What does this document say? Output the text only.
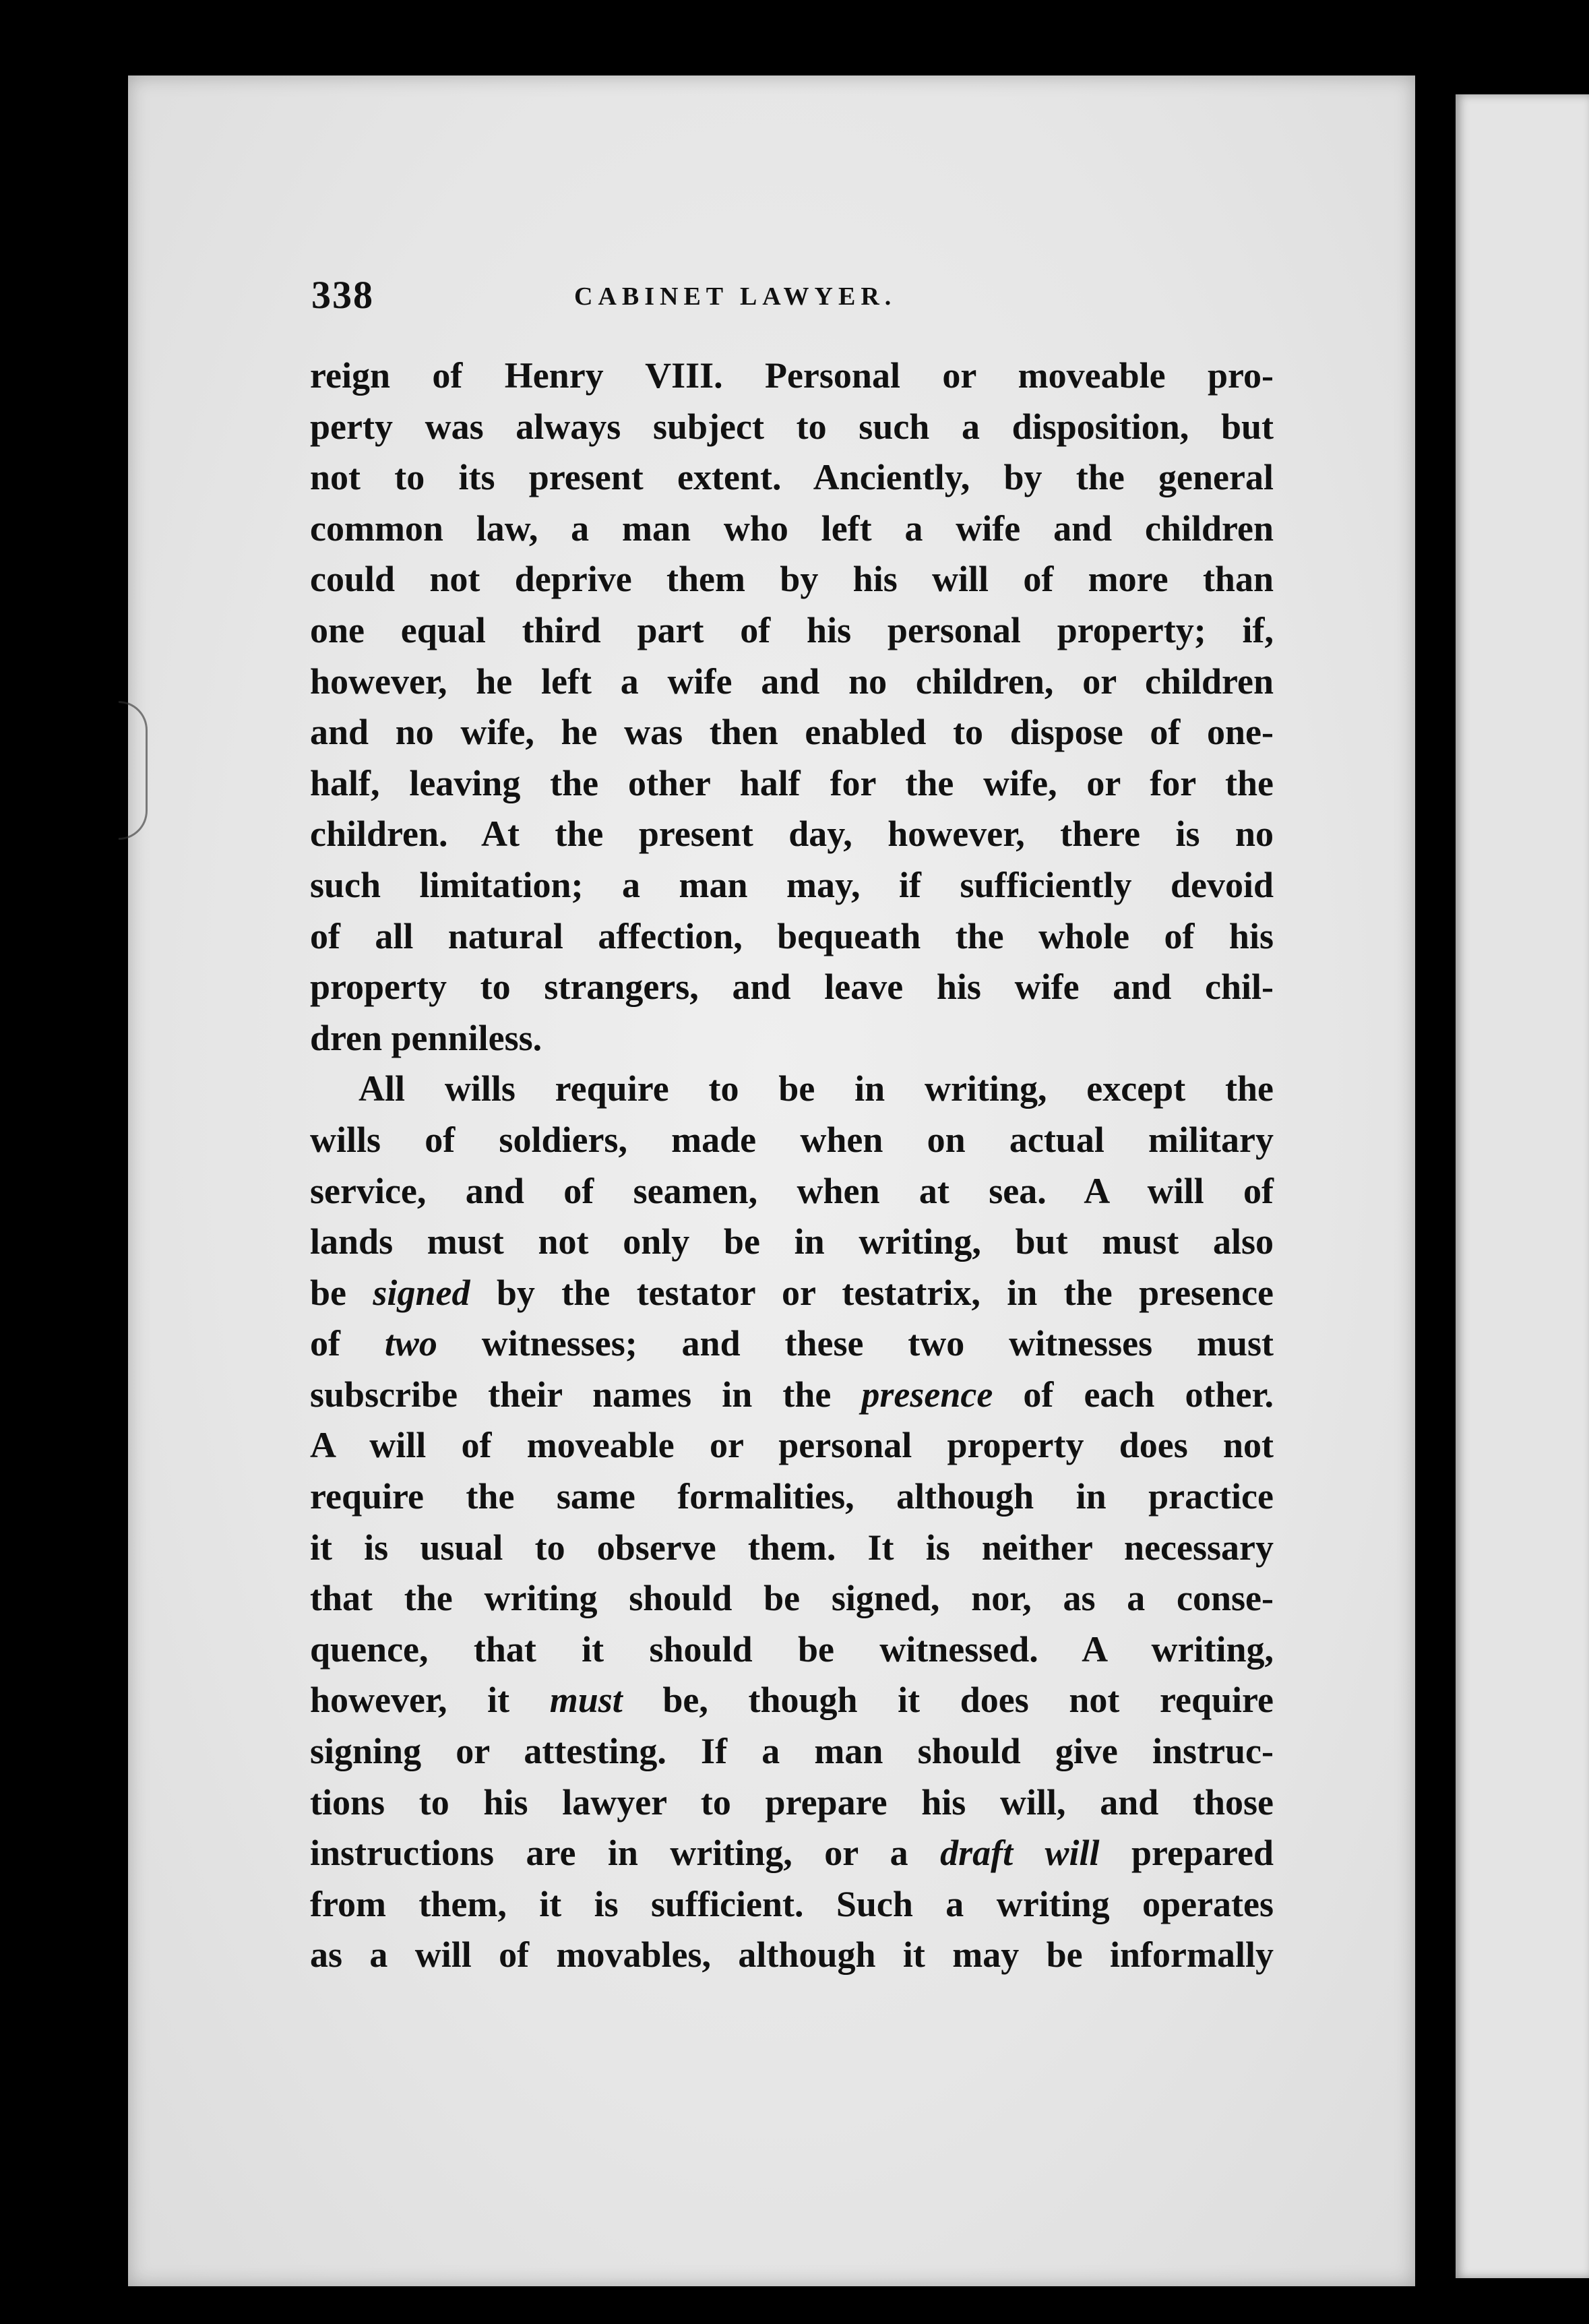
338	CABINET LAWYER.
reign of Henry VIII. Personal or moveable pro-
perty was always subject to such a disposition, but
not to its present extent. Anciently, by the general
common law, a man who left a wife and children
could not deprive them by his will of more than
one equal third part of his personal property; if,
however, he left a wife and no children, or children
and no wife, he was then enabled to dispose of one-
half, leaving the other half for the wife, or for the
children. At the present day, however, there is no
such limitation; a man may, if sufficiently devoid
of all natural affection, bequeath the whole of his
property to strangers, and leave his wife and chil-
dren penniless.
All wills require to be in writing, except the
wills of soldiers, made when on actual military
service, and of seamen, when at sea. A will of
lands must not only be in writing, but must also
be signed by the testator or testatrix, in the presence
of two witnesses; and these two witnesses must
subscribe their names in the presence of each other.
A will of moveable or personal property does not
require the same formalities, although in practice
it is usual to observe them. It is neither necessary
that the writing should be signed, nor, as a conse-
quence, that it should be witnessed. A writing,
however, it must be, though it does not require
signing or attesting. If a man should give instruc-
tions to his lawyer to prepare his will, and those
instructions are in writing, or a draft will prepared
from them, it is sufficient. Such a writing operates
as a will of movables, although it may be informally
